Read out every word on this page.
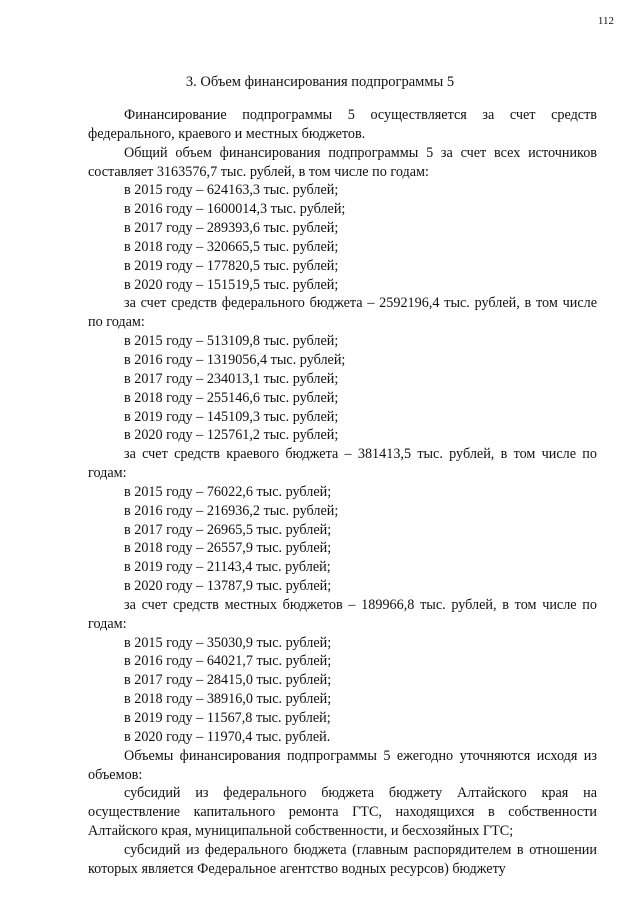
112
3. Объем финансирования подпрограммы 5

Финансирование подпрограммы 5 осуществляется за счет средств федерального, краевого и местных бюджетов.

Общий объем финансирования подпрограммы 5 за счет всех источников составляет 3163576,7 тыс. рублей, в том числе по годам:

в 2015 году – 624163,3 тыс. рублей;

в 2016 году – 1600014,3 тыс. рублей;

в 2017 году – 289393,6 тыс. рублей;

в 2018 году – 320665,5 тыс. рублей;

в 2019 году – 177820,5 тыс. рублей;

в 2020 году – 151519,5 тыс. рублей;

за счет средств федерального бюджета – 2592196,4 тыс. рублей, в том числе по годам:

в 2015 году – 513109,8 тыс. рублей;

в 2016 году – 1319056,4 тыс. рублей;

в 2017 году – 234013,1 тыс. рублей;

в 2018 году – 255146,6 тыс. рублей;

в 2019 году – 145109,3 тыс. рублей;

в 2020 году – 125761,2 тыс. рублей;

за счет средств краевого бюджета – 381413,5 тыс. рублей, в том числе по годам:

в 2015 году – 76022,6 тыс. рублей;

в 2016 году – 216936,2 тыс. рублей;

в 2017 году – 26965,5 тыс. рублей;

в 2018 году – 26557,9 тыс. рублей;

в 2019 году – 21143,4 тыс. рублей;

в 2020 году – 13787,9 тыс. рублей;

за счет средств местных бюджетов – 189966,8 тыс. рублей, в том числе по годам:

в 2015 году – 35030,9 тыс. рублей;

в 2016 году – 64021,7 тыс. рублей;

в 2017 году – 28415,0 тыс. рублей;

в 2018 году – 38916,0 тыс. рублей;

в 2019 году – 11567,8 тыс. рублей;

в 2020 году – 11970,4 тыс. рублей.

Объемы финансирования подпрограммы 5 ежегодно уточняются исходя из объемов:

субсидий из федерального бюджета бюджету Алтайского края на осуществление капитального ремонта ГТС, находящихся в собственности Алтайского края, муниципальной собственности, и бесхозяйных ГТС;

субсидий из федерального бюджета (главным распорядителем в отношении которых является Федеральное агентство водных ресурсов) бюджету
